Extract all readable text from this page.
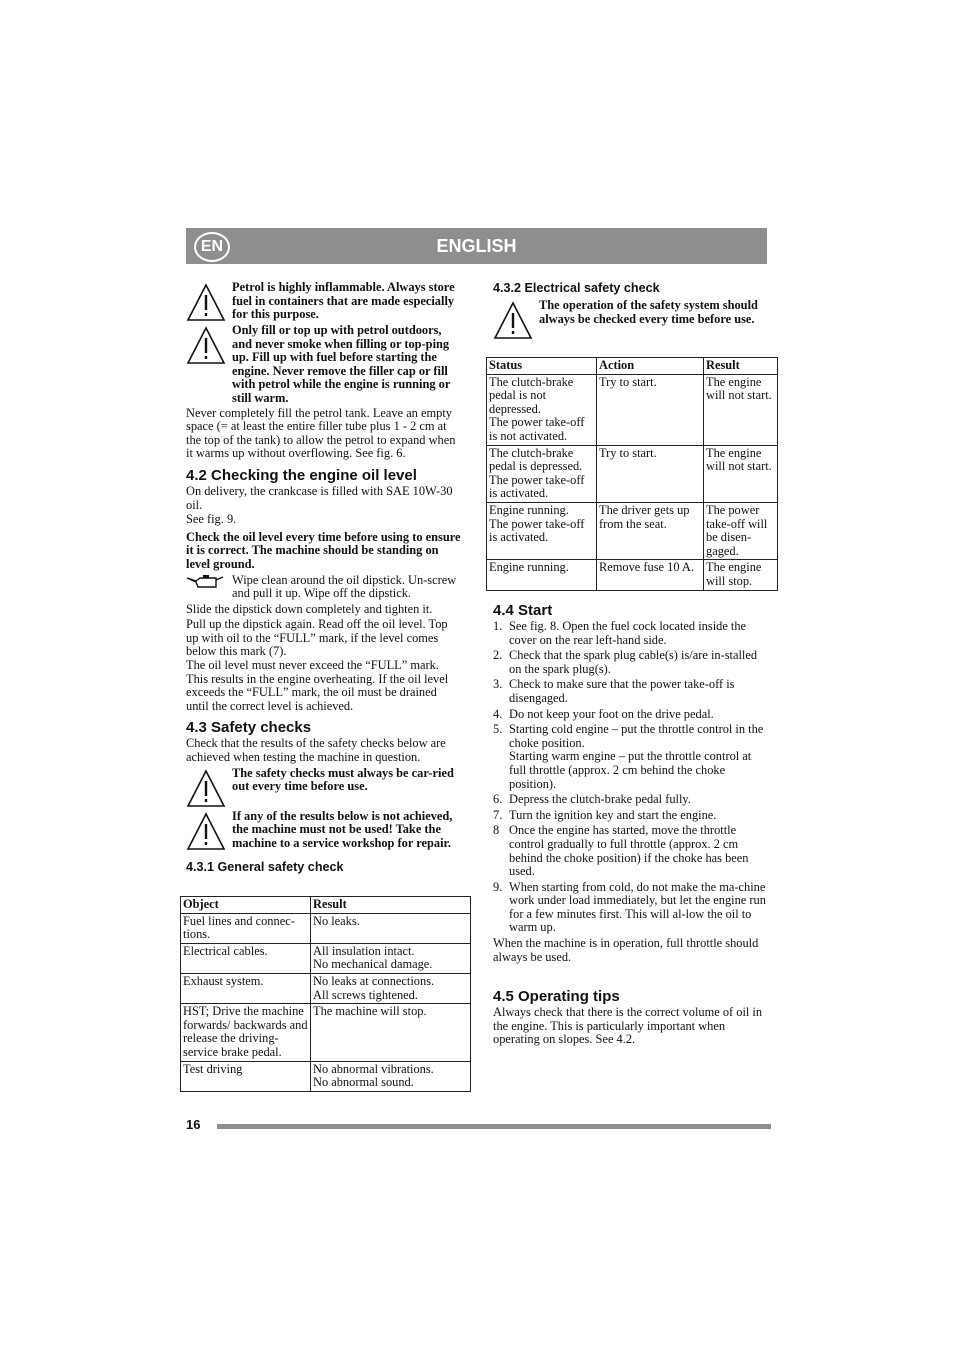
EN	ENGLISH

Petrol is highly inflammable. Always store fuel in containers that are made especially for this purpose.

Only fill or top up with petrol outdoors, and never smoke when filling or top-ping up. Fill up with fuel before starting the engine. Never remove the filler cap or fill with petrol while the engine is running or still warm.

Never completely fill the petrol tank. Leave an empty space (= at least the entire filler tube plus 1 - 2 cm at the top of the tank) to allow the petrol to expand when it warms up without overflowing. See fig. 6.

4.2 Checking the engine oil level

On delivery, the crankcase is filled with SAE 10W-30 oil.

See fig. 9.

Check the oil level every time before using to ensure it is correct. The machine should be standing on level ground.

Wipe clean around the oil dipstick. Un-screw and pull it up. Wipe off the dipstick.

Slide the dipstick down completely and tighten it.

Pull up the dipstick again. Read off the oil level. Top up with oil to the “FULL” mark, if the level comes below this mark (7).

The oil level must never exceed the “FULL” mark. This results in the engine overheating. If the oil level exceeds the “FULL” mark, the oil must be drained until the correct level is achieved.

4.3 Safety checks

Check that the results of the safety checks below are achieved when testing the machine in question.

The safety checks must always be car-ried out every time before use.

If any of the results below is not achieved, the machine must not be used! Take the machine to a service workshop for repair.

4.3.1 General safety check
Object	Result
Fuel lines and connec-tions.	No leaks.
Electrical cables.	All insulation intact.
No mechanical damage.
Exhaust system.	No leaks at connections.
All screws tightened.
HST; Drive the machine forwards/ backwards and release the driving-service brake pedal.	The machine will stop.
Test driving	No abnormal vibrations.
No abnormal sound.
4.3.2 Electrical safety check

The operation of the safety system should always be checked every time before use.

Status	Action	Result
The clutch-brake pedal is not depressed.
The power take-off is not activated.	Try to start.	The engine will not start.
The clutch-brake pedal is depressed.
The power take-off is activated.	Try to start.	The engine will not start.
Engine running.
The power take-off is activated.	The driver gets up from the seat.	The power take-off will be disen-gaged.
Engine running.	Remove fuse 10 A.	The engine will stop.
4.4 Start
1. See fig. 8. Open the fuel cock located inside the cover on the rear left-hand side.
2. Check that the spark plug cable(s) is/are in-stalled on the spark plug(s).
3. Check to make sure that the power take-off is disengaged.
4. Do not keep your foot on the drive pedal.
5. Starting cold engine – put the throttle control in the choke position.
Starting warm engine – put the throttle control at full throttle (approx. 2 cm behind the choke position).
6. Depress the clutch-brake pedal fully.
7. Turn the ignition key and start the engine.
8 Once the engine has started, move the throttle control gradually to full throttle (approx. 2 cm behind the choke position) if the choke has been used.
9. When starting from cold, do not make the ma-chine work under load immediately, but let the engine run for a few minutes first. This will al-low the oil to warm up.

When the machine is in operation, full throttle should always be used.

4.5 Operating tips

Always check that there is the correct volume of oil in the engine. This is particularly important when operating on slopes. See 4.2.

16
